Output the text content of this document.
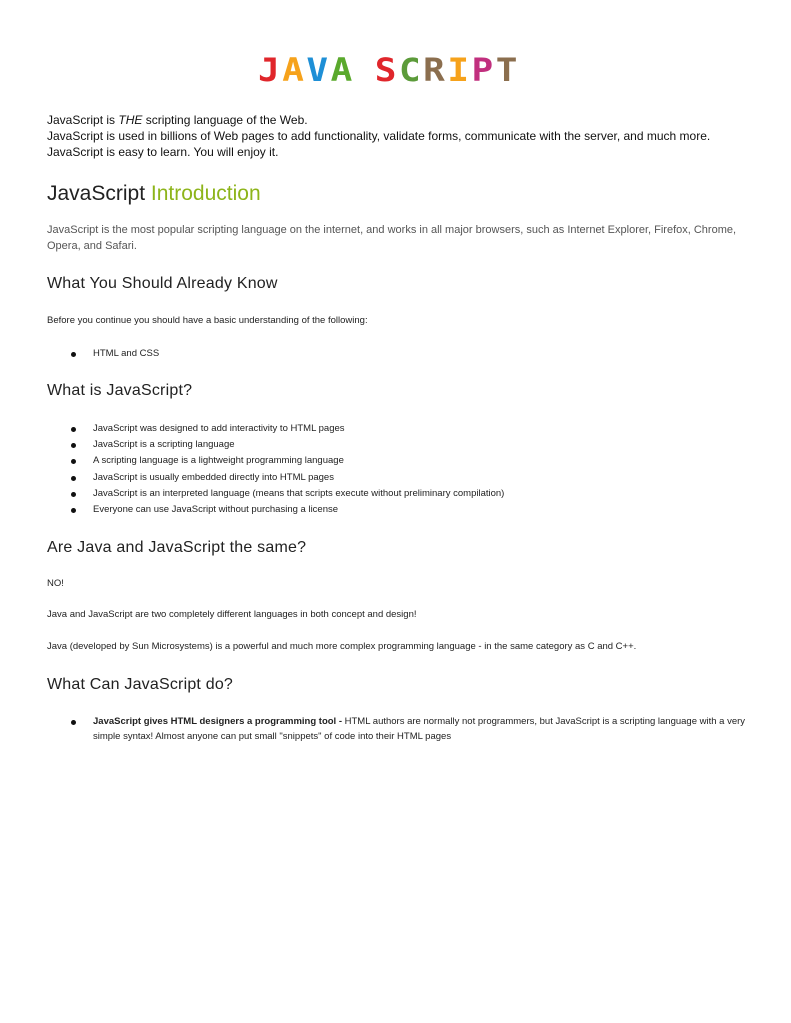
J A V A S C R I P T

JavaScript is THE scripting language of the Web.

JavaScript is used in billions of Web pages to add functionality, validate forms, communicate with the server, and much more.

JavaScript is easy to learn. You will enjoy it.

JavaScript Introduction
JavaScript is the most popular scripting language on the internet, and works in all major browsers, such as Internet Explorer, Firefox, Chrome, Opera, and Safari.
What You Should Already Know

Before you continue you should have a basic understanding of the following:

HTML and CSS
What is JavaScript?
JavaScript was designed to add interactivity to HTML pages
JavaScript is a scripting language
A scripting language is a lightweight programming language
JavaScript is usually embedded directly into HTML pages
JavaScript is an interpreted language (means that scripts execute without preliminary compilation)
Everyone can use JavaScript without purchasing a license
Are Java and JavaScript the same?

NO!

Java and JavaScript are two completely different languages in both concept and design!

Java (developed by Sun Microsystems) is a powerful and much more complex programming language - in the same category as C and C++.

What Can JavaScript do?
JavaScript gives HTML designers a programming tool - HTML authors are normally not programmers, but JavaScript is a scripting language with a very simple syntax! Almost anyone can put small "snippets" of code into their HTML pages
